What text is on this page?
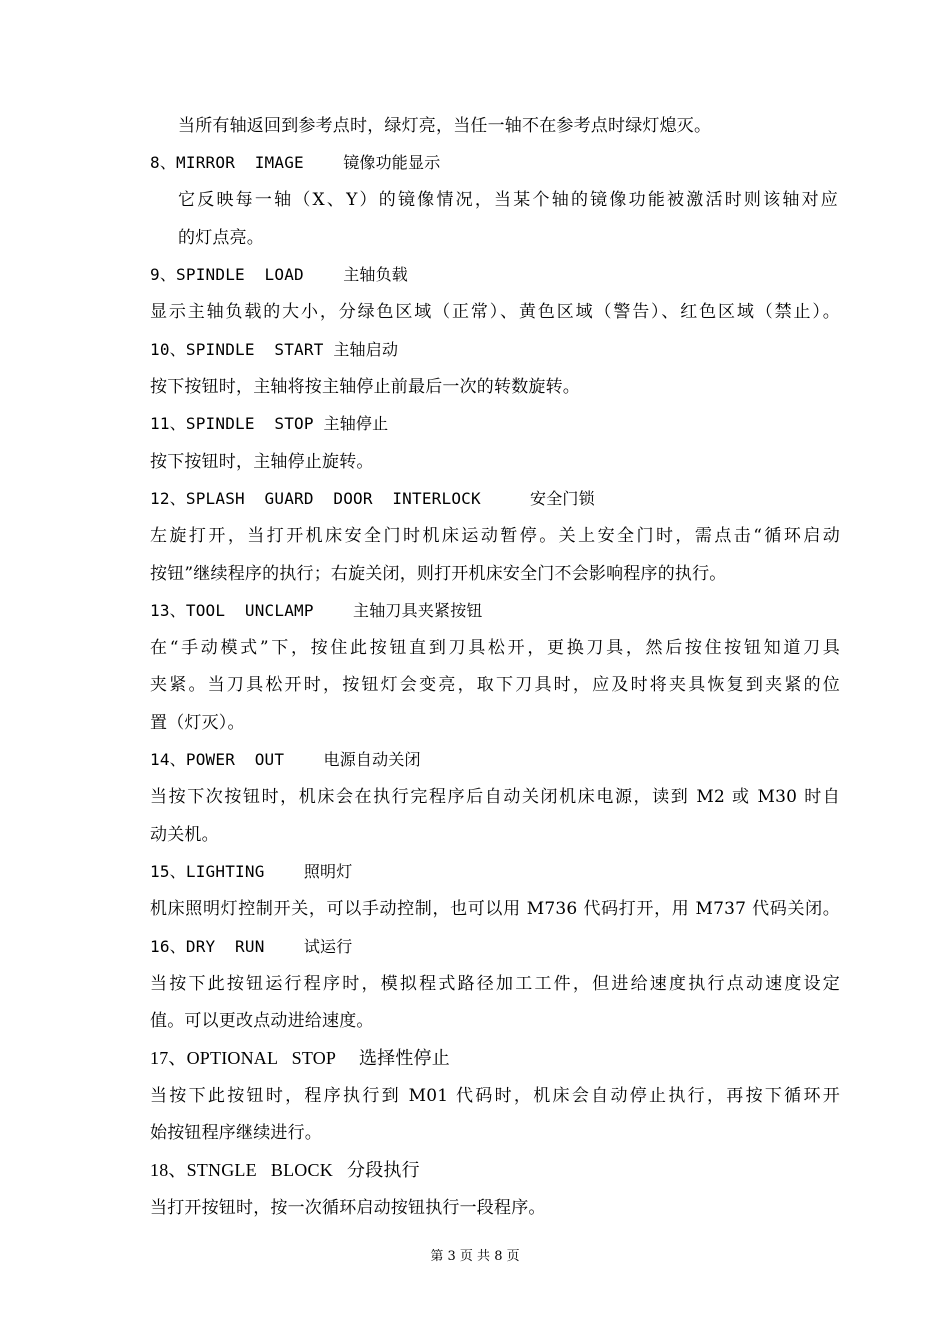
当所有轴返回到参考点时，绿灯亮，当任一轴不在参考点时绿灯熄灭。
8、MIRROR  IMAGE    镜像功能显示
它反映每一轴（X、Y）的镜像情况，当某个轴的镜像功能被激活时则该轴对应
的灯点亮。
9、SPINDLE  LOAD    主轴负载
显示主轴负载的大小，分绿色区域（正常）、黄色区域（警告）、红色区域（禁止）。
10、SPINDLE  START 主轴启动
按下按钮时，主轴将按主轴停止前最后一次的转数旋转。
11、SPINDLE  STOP 主轴停止
按下按钮时，主轴停止旋转。
12、SPLASH  GUARD  DOOR  INTERLOCK     安全门锁
左旋打开，当打开机床安全门时机床运动暂停。关上安全门时，需点击“循环启动
按钮”继续程序的执行；右旋关闭，则打开机床安全门不会影响程序的执行。
13、TOOL  UNCLAMP    主轴刀具夹紧按钮
在“手动模式”下，按住此按钮直到刀具松开，更换刀具，然后按住按钮知道刀具
夹紧。当刀具松开时，按钮灯会变亮，取下刀具时，应及时将夹具恢复到夹紧的位
置（灯灭）。
14、POWER  OUT    电源自动关闭
当按下次按钮时，机床会在执行完程序后自动关闭机床电源，读到 M2 或 M30 时自
动关机。
15、LIGHTING    照明灯
机床照明灯控制开关，可以手动控制，也可以用 M736 代码打开，用 M737 代码关闭。
16、DRY  RUN    试运行
当按下此按钮运行程序时，模拟程式路径加工工件，但进给速度执行点动速度设定
值。可以更改点动进给速度。
17、OPTIONAL   STOP     选择性停止
当按下此按钮时，程序执行到 M01 代码时，机床会自动停止执行，再按下循环开
始按钮程序继续进行。
18、STNGLE   BLOCK   分段执行
当打开按钮时，按一次循环启动按钮执行一段程序。
第 3 页 共 8 页
